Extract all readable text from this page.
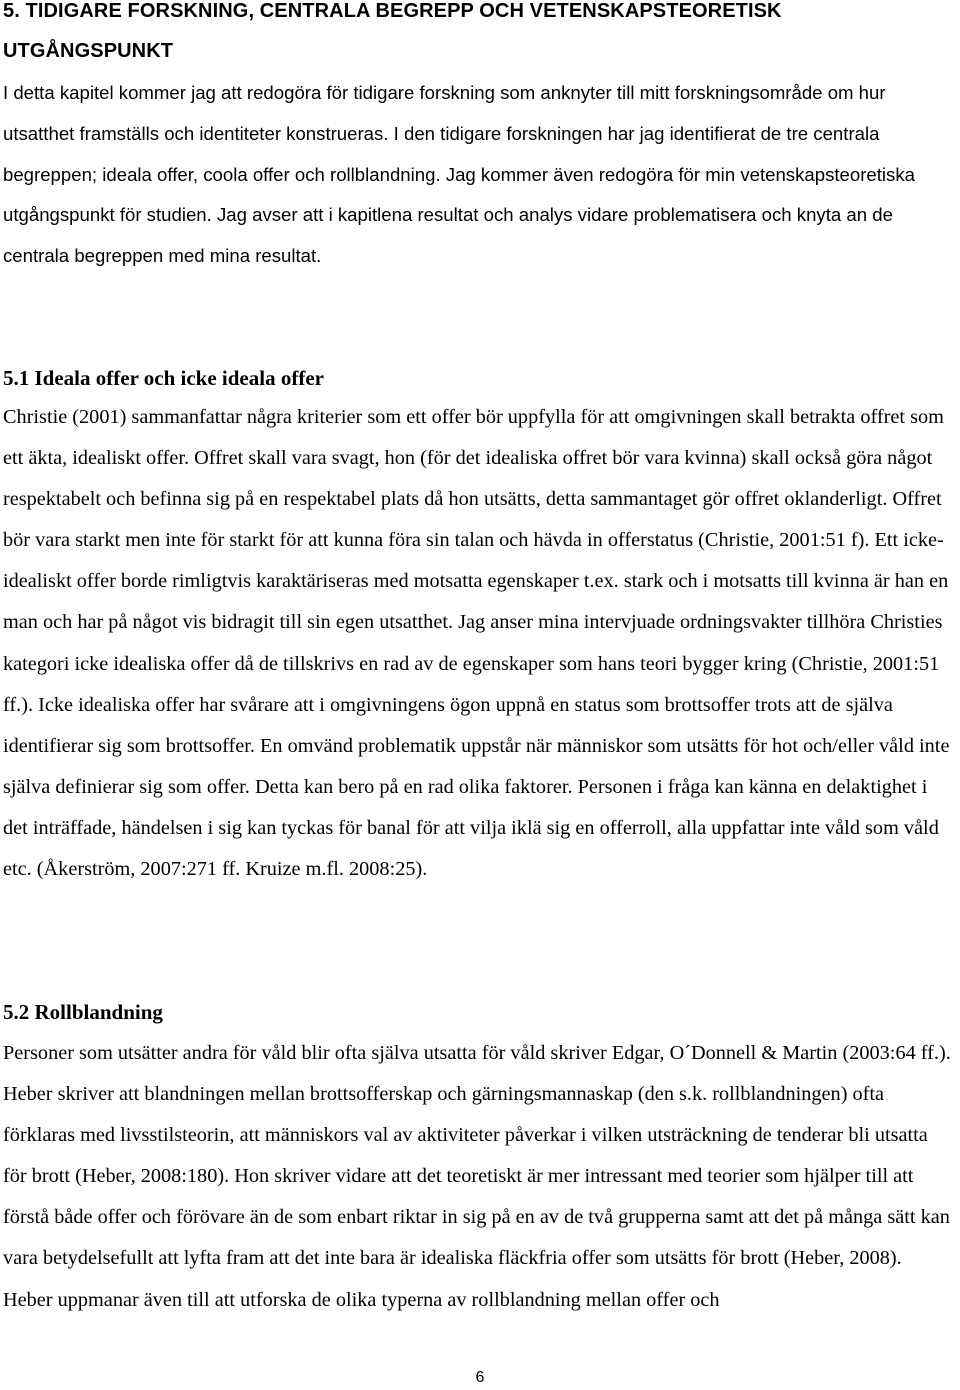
5. TIDIGARE FORSKNING, CENTRALA BEGREPP OCH VETENSKAPSTEORETISK UTGÅNGSPUNKT
I detta kapitel kommer jag att redogöra för tidigare forskning som anknyter till mitt forskningsområde om hur utsatthet framställs och identiteter konstrueras. I den tidigare forskningen har jag identifierat de tre centrala begreppen; ideala offer, coola offer och rollblandning. Jag kommer även redogöra för min vetenskapsteoretiska utgångspunkt för studien. Jag avser att i kapitlena resultat och analys vidare problematisera och knyta an de centrala begreppen med mina resultat.
5.1 Ideala offer och icke ideala offer
Christie (2001) sammanfattar några kriterier som ett offer bör uppfylla för att omgivningen skall betrakta offret som ett äkta, idealiskt offer. Offret skall vara svagt, hon (för det idealiska offret bör vara kvinna) skall också göra något respektabelt och befinna sig på en respektabel plats då hon utsätts, detta sammantaget gör offret oklanderligt. Offret bör vara starkt men inte för starkt för att kunna föra sin talan och hävda in offerstatus (Christie, 2001:51 f). Ett icke-idealiskt offer borde rimligtvis karaktäriseras med motsatta egenskaper t.ex. stark och i motsatts till kvinna är han en man och har på något vis bidragit till sin egen utsatthet. Jag anser mina intervjuade ordningsvakter tillhöra Christies kategori icke idealiska offer då de tillskrivs en rad av de egenskaper som hans teori bygger kring (Christie, 2001:51 ff.). Icke idealiska offer har svårare att i omgivningens ögon uppnå en status som brottsoffer trots att de själva identifierar sig som brottsoffer. En omvänd problematik uppstår när människor som utsätts för hot och/eller våld inte själva definierar sig som offer. Detta kan bero på en rad olika faktorer. Personen i fråga kan känna en delaktighet i det inträffade, händelsen i sig kan tyckas för banal för att vilja iklä sig en offerroll, alla uppfattar inte våld som våld etc. (Åkerström, 2007:271 ff. Kruize m.fl. 2008:25).
5.2 Rollblandning
Personer som utsätter andra för våld blir ofta själva utsatta för våld skriver Edgar, O´Donnell & Martin (2003:64 ff.). Heber skriver att blandningen mellan brottsofferskap och gärningsmannaskap (den s.k. rollblandningen) ofta förklaras med livsstilsteorin, att människors val av aktiviteter påverkar i vilken utsträckning de tenderar bli utsatta för brott (Heber, 2008:180). Hon skriver vidare att det teoretiskt är mer intressant med teorier som hjälper till att förstå både offer och förövare än de som enbart riktar in sig på en av de två grupperna samt att det på många sätt kan vara betydelsefullt att lyfta fram att det inte bara är idealiska fläckfria offer som utsätts för brott (Heber, 2008). Heber uppmanar även till att utforska de olika typerna av rollblandning mellan offer och
6
